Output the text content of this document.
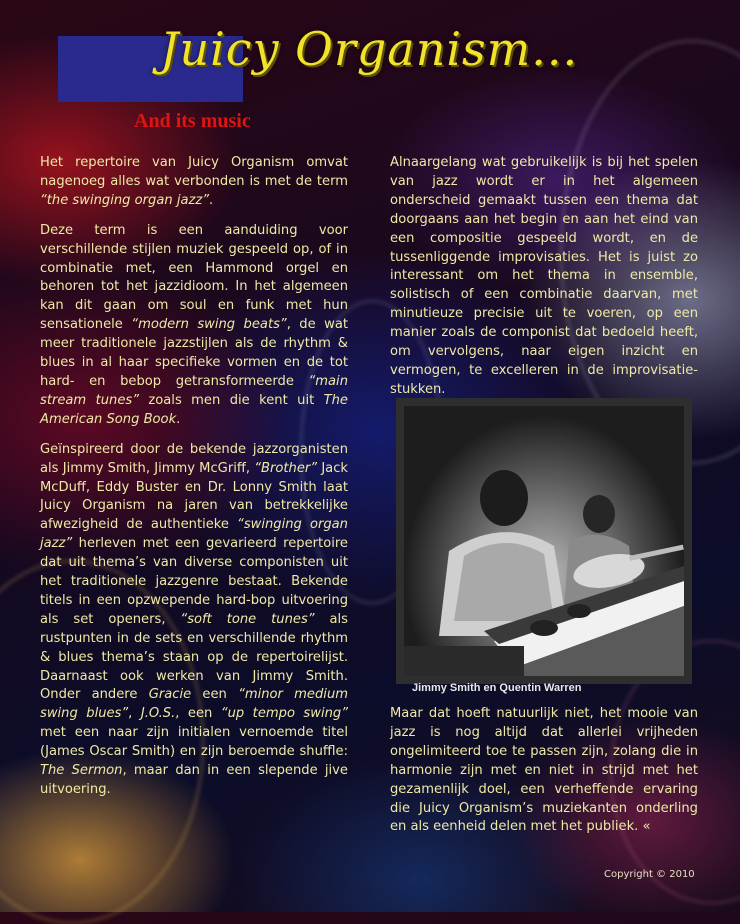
Juicy Organism...
And its music

Het repertoire van Juicy Organism omvat nagenoeg alles wat verbonden is met de term “the swinging organ jazz”.

Deze term is een aanduiding voor verschillende stijlen muziek gespeeld op, of in combinatie met, een Hammond orgel en behoren tot het jazzidioom. In het algemeen kan dit gaan om soul en funk met hun sensationele “modern swing beats”, de wat meer traditionele jazzstijlen als de rhythm & blues in al haar specifieke vormen en de tot hard- en bebop getransformeerde “main stream tunes” zoals men die kent uit The American Song Book.

Geïnspireerd door de bekende jazzorganisten als Jimmy Smith, Jimmy McGriff, “Brother” Jack McDuff, Eddy Buster en Dr. Lonny Smith laat Juicy Organism na jaren van betrekkelijke afwezigheid de authentieke “swinging organ jazz” herleven met een gevarieerd repertoire dat uit thema’s van diverse componisten uit het traditionele jazzgenre bestaat. Bekende titels in een opzwepende hard-bop uitvoering als set openers, “soft tone tunes” als rustpunten in de sets en verschillende rhythm & blues thema’s staan op de repertoirelijst. Daarnaast ook werken van Jimmy Smith. Onder andere Gracie een “minor medium swing blues”, J.O.S., een “up tempo swing” met een naar zijn initialen vernoemde titel (James Oscar Smith) en zijn beroemde shuffle: The Sermon, maar dan in een slepende jive uitvoering.

Alnaargelang wat gebruikelijk is bij het spelen van jazz wordt er in het algemeen onderscheid gemaakt tussen een thema dat doorgaans aan het begin en aan het eind van een compositie gespeeld wordt, en de tussenliggende improvisaties. Het is juist zo interessant om het thema in ensemble, solistisch of een combinatie daarvan, met minutieuze precisie uit te voeren, op een manier zoals de componist dat bedoeld heeft, om vervolgens, naar eigen inzicht en vermogen, te excelleren in de improvisatie-stukken.

Jimmy Smith en Quentin Warren

Maar dat hoeft natuurlijk niet, het mooie van jazz is nog altijd dat allerlei vrijheden ongelimiteerd toe te passen zijn, zolang die in harmonie zijn met en niet in strijd met het gezamenlijk doel, een verheffende ervaring die Juicy Organism’s muziekanten onderling en als eenheid delen met het publiek. «

Copyright © 2010
